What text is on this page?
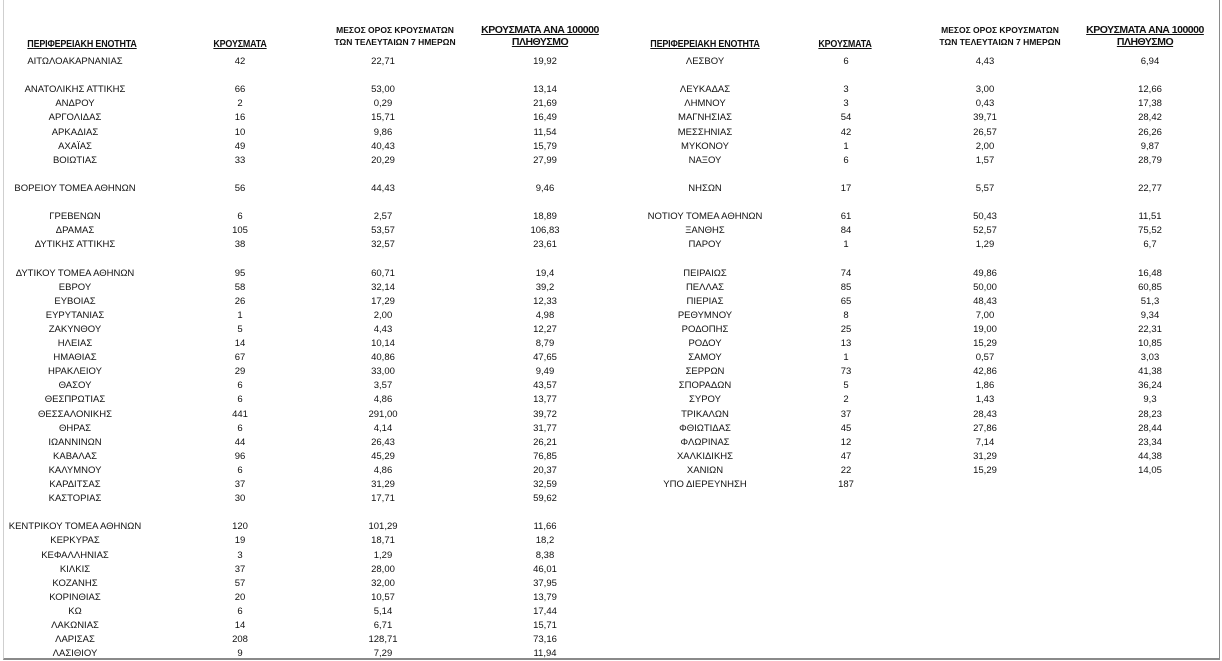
ΠΕΡΙΦΕΡΕΙΑΚΗ ΕΝΟΤΗΤΑ	ΚΡΟΥΣΜΑΤΑ
ΜΕΣΟΣ ΟΡΟΣ ΚΡΟΥΣΜΑΤΩΝ
ΤΩΝ ΤΕΛΕΥΤΑΙΩΝ 7 ΗΜΕΡΩΝ
ΚΡΟΥΣΜΑΤΑ ΑΝΑ 100000
ΠΛΗΘΥΣΜΟ
ΑΙΤΩΛΟΑΚΑΡΝΑΝΙΑΣ	42	22,71	19,92
ΑΝΑΤΟΛΙΚΗΣ ΑΤΤΙΚΗΣ	66	53,00	13,14
ΑΝΔΡΟΥ	2	0,29	21,69
ΑΡΓΟΛΙΔΑΣ	16	15,71	16,49
ΑΡΚΑΔΙΑΣ	10	9,86	11,54
ΑΧΑΪΑΣ	49	40,43	15,79
ΒΟΙΩΤΙΑΣ	33	20,29	27,99
ΒΟΡΕΙΟΥ ΤΟΜΕΑ ΑΘΗΝΩΝ	56	44,43	9,46
ΓΡΕΒΕΝΩΝ	6	2,57	18,89
ΔΡΑΜΑΣ	105	53,57	106,83
ΔΥΤΙΚΗΣ ΑΤΤΙΚΗΣ	38	32,57	23,61
ΔΥΤΙΚΟΥ ΤΟΜΕΑ ΑΘΗΝΩΝ	95	60,71	19,4
ΕΒΡΟΥ	58	32,14	39,2
ΕΥΒΟΙΑΣ	26	17,29	12,33
ΕΥΡΥΤΑΝΙΑΣ	1	2,00	4,98
ΖΑΚΥΝΘΟΥ	5	4,43	12,27
ΗΛΕΙΑΣ	14	10,14	8,79
ΗΜΑΘΙΑΣ	67	40,86	47,65
ΗΡΑΚΛΕΙΟΥ	29	33,00	9,49
ΘΑΣΟΥ	6	3,57	43,57
ΘΕΣΠΡΩΤΙΑΣ	6	4,86	13,77
ΘΕΣΣΑΛΟΝΙΚΗΣ	441	291,00	39,72
ΘΗΡΑΣ	6	4,14	31,77
ΙΩΑΝΝΙΝΩΝ	44	26,43	26,21
ΚΑΒΑΛΑΣ	96	45,29	76,85
ΚΑΛΥΜΝΟΥ	6	4,86	20,37
ΚΑΡΔΙΤΣΑΣ	37	31,29	32,59
ΚΑΣΤΟΡΙΑΣ	30	17,71	59,62
ΚΕΝΤΡΙΚΟΥ ΤΟΜΕΑ ΑΘΗΝΩΝ	120	101,29	11,66
ΚΕΡΚΥΡΑΣ	19	18,71	18,2
ΚΕΦΑΛΛΗΝΙΑΣ	3	1,29	8,38
ΚΙΛΚΙΣ	37	28,00	46,01
ΚΟΖΑΝΗΣ	57	32,00	37,95
ΚΟΡΙΝΘΙΑΣ	20	10,57	13,79
ΚΩ	6	5,14	17,44
ΛΑΚΩΝΙΑΣ	14	6,71	15,71
ΛΑΡΙΣΑΣ	208	128,71	73,16
ΛΑΣΙΘΙΟΥ	9	7,29	11,94
ΠΕΡΙΦΕΡΕΙΑΚΗ ΕΝΟΤΗΤΑ	ΚΡΟΥΣΜΑΤΑ
ΜΕΣΟΣ ΟΡΟΣ ΚΡΟΥΣΜΑΤΩΝ
ΤΩΝ ΤΕΛΕΥΤΑΙΩΝ 7 ΗΜΕΡΩΝ
ΚΡΟΥΣΜΑΤΑ ΑΝΑ 100000
ΠΛΗΘΥΣΜΟ
ΛΕΣΒΟΥ	6	4,43	6,94
ΛΕΥΚΑΔΑΣ	3	3,00	12,66
ΛΗΜΝΟΥ	3	0,43	17,38
ΜΑΓΝΗΣΙΑΣ	54	39,71	28,42
ΜΕΣΣΗΝΙΑΣ	42	26,57	26,26
ΜΥΚΟΝΟΥ	1	2,00	9,87
ΝΑΞΟΥ	6	1,57	28,79
ΝΗΣΩΝ	17	5,57	22,77
ΝΟΤΙΟΥ ΤΟΜΕΑ ΑΘΗΝΩΝ	61	50,43	11,51
ΞΑΝΘΗΣ	84	52,57	75,52
ΠΑΡΟΥ	1	1,29	6,7
ΠΕΙΡΑΙΩΣ	74	49,86	16,48
ΠΕΛΛΑΣ	85	50,00	60,85
ΠΙΕΡΙΑΣ	65	48,43	51,3
ΡΕΘΥΜΝΟΥ	8	7,00	9,34
ΡΟΔΟΠΗΣ	25	19,00	22,31
ΡΟΔΟΥ	13	15,29	10,85
ΣΑΜΟΥ	1	0,57	3,03
ΣΕΡΡΩΝ	73	42,86	41,38
ΣΠΟΡΑΔΩΝ	5	1,86	36,24
ΣΥΡΟΥ	2	1,43	9,3
ΤΡΙΚΑΛΩΝ	37	28,43	28,23
ΦΘΙΩΤΙΔΑΣ	45	27,86	28,44
ΦΛΩΡΙΝΑΣ	12	7,14	23,34
ΧΑΛΚΙΔΙΚΗΣ	47	31,29	44,38
ΧΑΝΙΩΝ	22	15,29	14,05
ΥΠΟ ΔΙΕΡΕΥΝΗΣΗ	187
